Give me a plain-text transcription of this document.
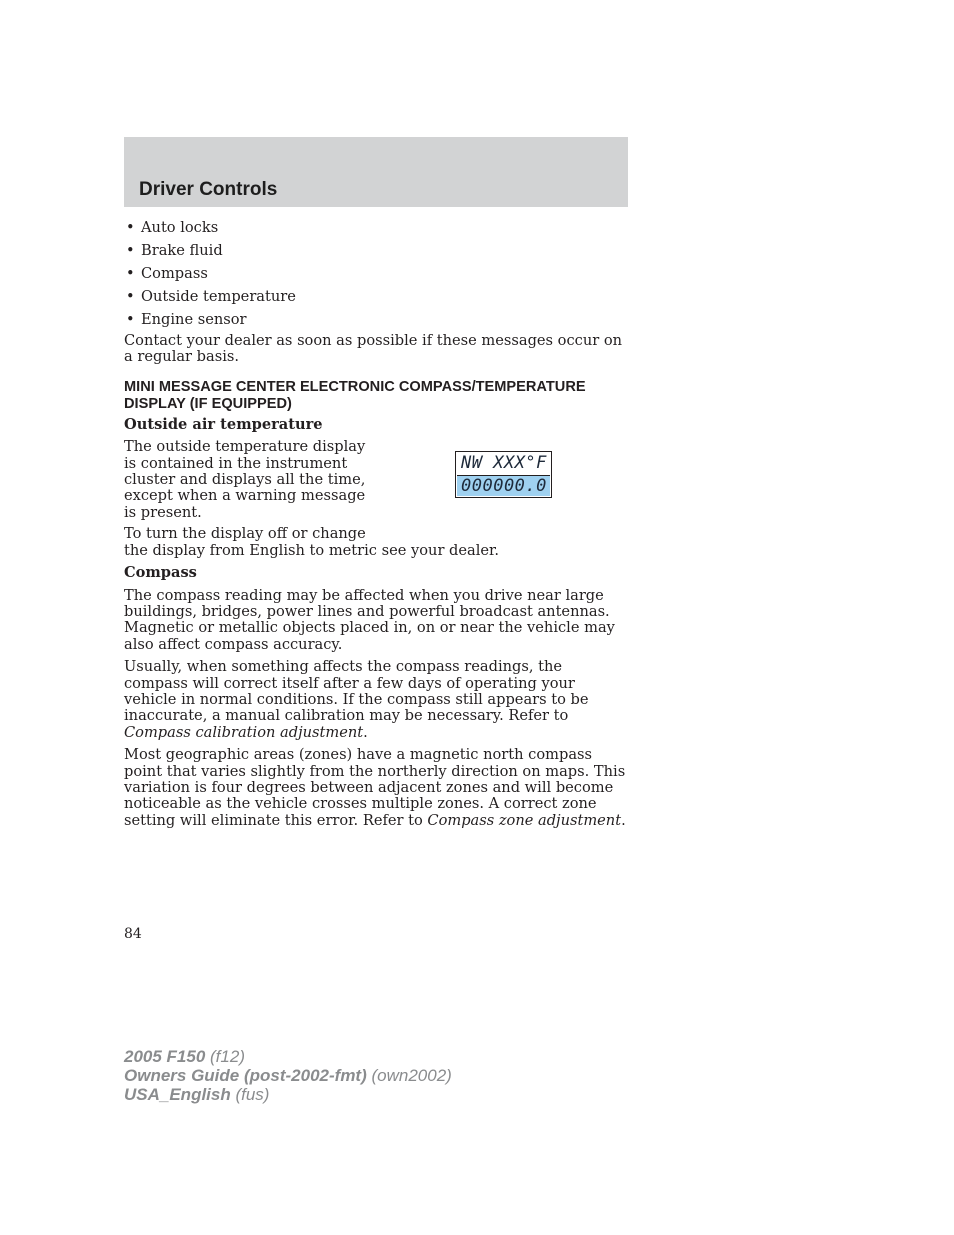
Driver Controls
• Auto locks
• Brake fluid
• Compass
• Outside temperature
• Engine sensor

Contact your dealer as soon as possible if these messages occur on a regular basis.

MINI MESSAGE CENTER ELECTRONIC COMPASS/TEMPERATURE DISPLAY (IF EQUIPPED)
Outside air temperature

The outside temperature display is contained in the instrument cluster and displays all the time, except when a warning message is present.

To turn the display off or change
the display from English to metric see your dealer.

Compass

The compass reading may be affected when you drive near large buildings, bridges, power lines and powerful broadcast antennas. Magnetic or metallic objects placed in, on or near the vehicle may also affect compass accuracy.

Usually, when something affects the compass readings, the compass will correct itself after a few days of operating your vehicle in normal conditions. If the compass still appears to be inaccurate, a manual calibration may be necessary. Refer to Compass calibration adjustment.

Most geographic areas (zones) have a magnetic north compass point that varies slightly from the northerly direction on maps. This variation is four degrees between adjacent zones and will become noticeable as the vehicle crosses multiple zones. A correct zone setting will eliminate this error. Refer to Compass zone adjustment.

NW XXX°F
000000.0
84
2005 F150 (f12)
Owners Guide (post-2002-fmt) (own2002)
USA_English (fus)
